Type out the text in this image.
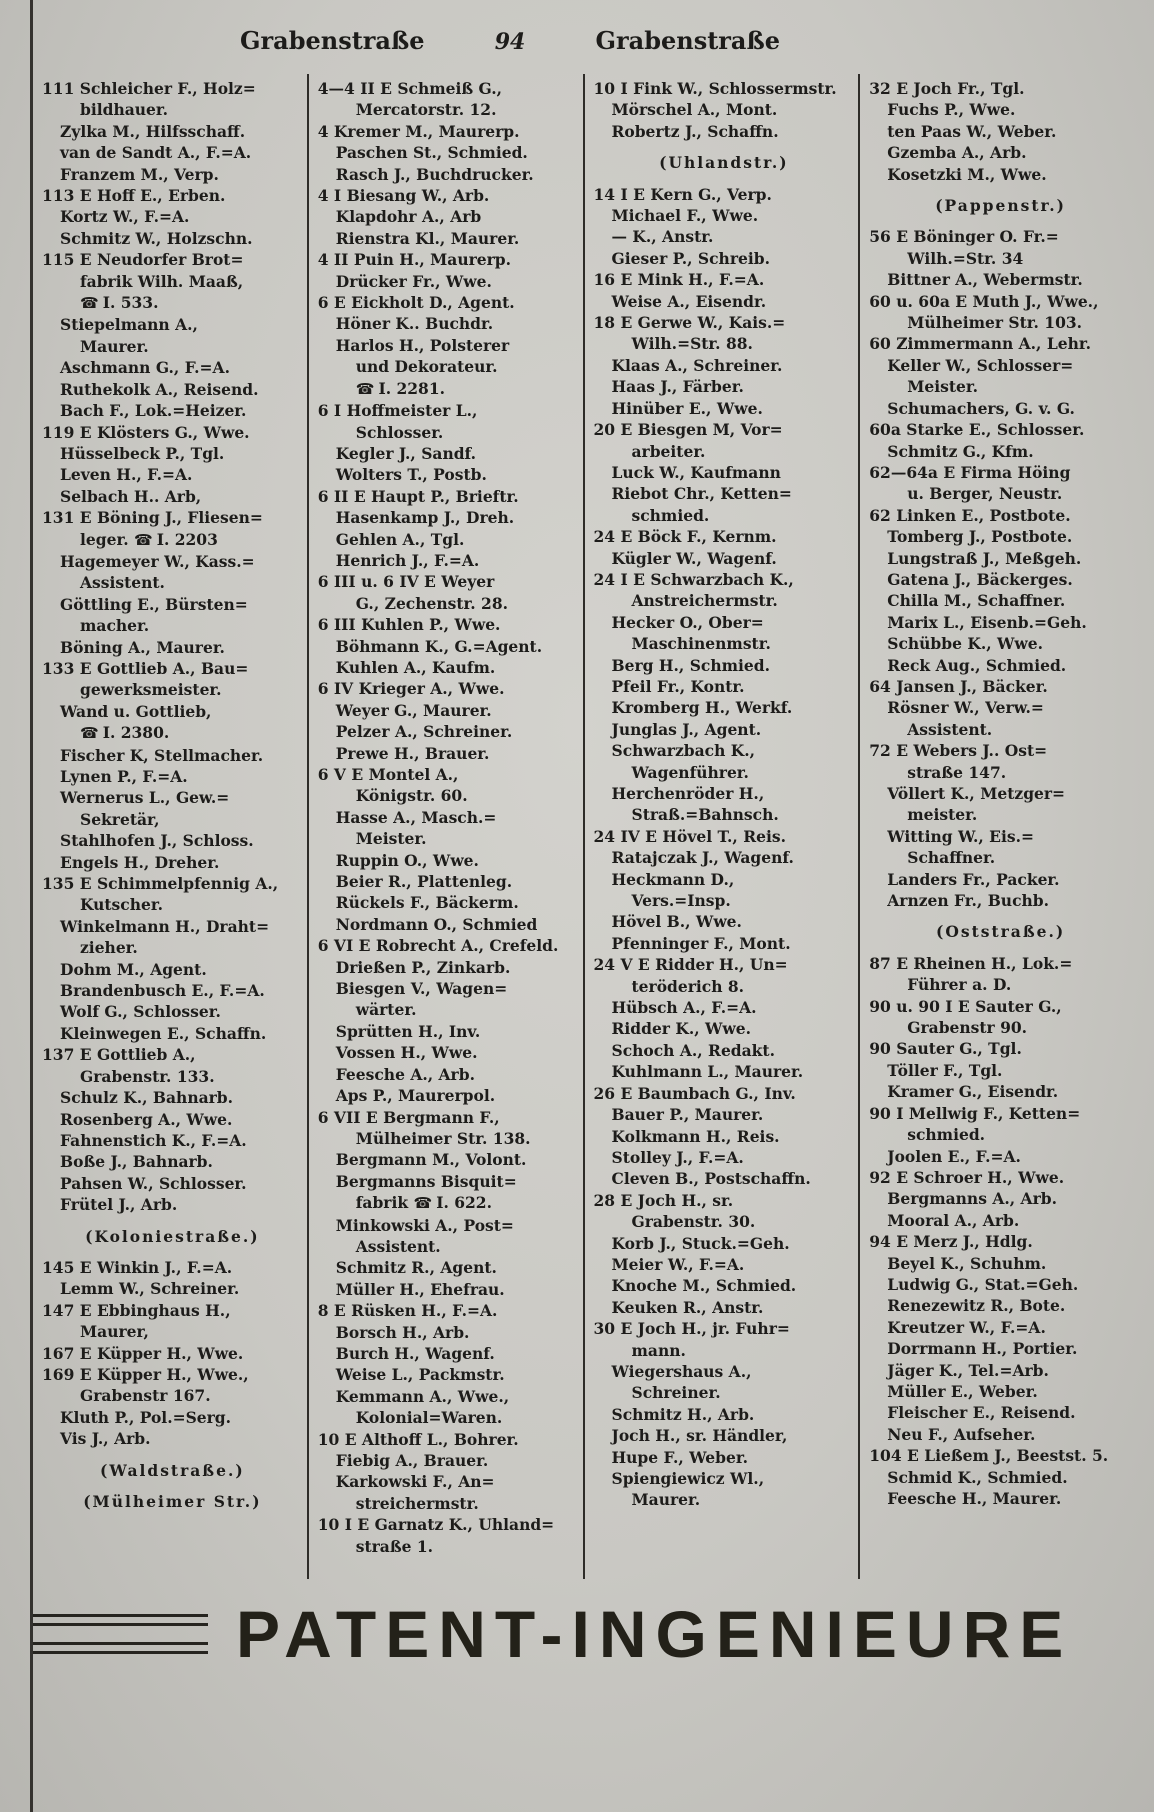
Grabenstraße	94	Grabenstraße
111 Schleicher F., Holz=
bildhauer.
Zylka M., Hilfsschaff.
van de Sandt A., F.=A.
Franzem M., Verp.
113 E Hoff E., Erben.
Kortz W., F.=A.
Schmitz W., Holzschn.
115 E Neudorfer Brot=
fabrik Wilh. Maaß,
☎ I. 533.
Stiepelmann A.,
Maurer.
Aschmann G., F.=A.
Ruthekolk A., Reisend.
Bach F., Lok.=Heizer.
119 E Klösters G., Wwe.
Hüsselbeck P., Tgl.
Leven H., F.=A.
Selbach H.. Arb,
131 E Böning J., Fliesen=
leger. ☎ I. 2203
Hagemeyer W., Kass.=
Assistent.
Göttling E., Bürsten=
macher.
Böning A., Maurer.
133 E Gottlieb A., Bau=
gewerksmeister.
Wand u. Gottlieb,
☎ I. 2380.
Fischer K, Stellmacher.
Lynen P., F.=A.
Wernerus L., Gew.=
Sekretär,
Stahlhofen J., Schloss.
Engels H., Dreher.
135 E Schimmelpfennig A.,
Kutscher.
Winkelmann H., Draht=
zieher.
Dohm M., Agent.
Brandenbusch E., F.=A.
Wolf G., Schlosser.
Kleinwegen E., Schaffn.
137 E Gottlieb A.,
Grabenstr. 133.
Schulz K., Bahnarb.
Rosenberg A., Wwe.
Fahnenstich K., F.=A.
Boße J., Bahnarb.
Pahsen W., Schlosser.
Frütel J., Arb.
(Koloniestraße.)
145 E Winkin J., F.=A.
Lemm W., Schreiner.
147 E Ebbinghaus H.,
Maurer,
167 E Küpper H., Wwe.
169 E Küpper H., Wwe.,
Grabenstr 167.
Kluth P., Pol.=Serg.
Vis J., Arb.
(Waldstraße.)
(Mülheimer Str.)
4—4 II E Schmeiß G.,
Mercatorstr. 12.
4 Kremer M., Maurerp.
Paschen St., Schmied.
Rasch J., Buchdrucker.
4 I Biesang W., Arb.
Klapdohr A., Arb
Rienstra Kl., Maurer.
4 II Puin H., Maurerp.
Drücker Fr., Wwe.
6 E Eickholt D., Agent.
Höner K.. Buchdr.
Harlos H., Polsterer
und Dekorateur.
☎ I. 2281.
6 I Hoffmeister L.,
Schlosser.
Kegler J., Sandf.
Wolters T., Postb.
6 II E Haupt P., Brieftr.
Hasenkamp J., Dreh.
Gehlen A., Tgl.
Henrich J., F.=A.
6 III u. 6 IV E Weyer
G., Zechenstr. 28.
6 III Kuhlen P., Wwe.
Böhmann K., G.=Agent.
Kuhlen A., Kaufm.
6 IV Krieger A., Wwe.
Weyer G., Maurer.
Pelzer A., Schreiner.
Prewe H., Brauer.
6 V E Montel A.,
Königstr. 60.
Hasse A., Masch.=
Meister.
Ruppin O., Wwe.
Beier R., Plattenleg.
Rückels F., Bäckerm.
Nordmann O., Schmied
6 VI E Robrecht A., Crefeld.
Drießen P., Zinkarb.
Biesgen V., Wagen=
wärter.
Sprütten H., Inv.
Vossen H., Wwe.
Feesche A., Arb.
Aps P., Maurerpol.
6 VII E Bergmann F.,
Mülheimer Str. 138.
Bergmann M., Volont.
Bergmanns Bisquit=
fabrik ☎ I. 622.
Minkowski A., Post=
Assistent.
Schmitz R., Agent.
Müller H., Ehefrau.
8 E Rüsken H., F.=A.
Borsch H., Arb.
Burch H., Wagenf.
Weise L., Packmstr.
Kemmann A., Wwe.,
Kolonial=Waren.
10 E Althoff L., Bohrer.
Fiebig A., Brauer.
Karkowski F., An=
streichermstr.
10 I E Garnatz K., Uhland=
straße 1.
10 I Fink W., Schlossermstr.
Mörschel A., Mont.
Robertz J., Schaffn.
(Uhlandstr.)
14 I E Kern G., Verp.
Michael F., Wwe.
— K., Anstr.
Gieser P., Schreib.
16 E Mink H., F.=A.
Weise A., Eisendr.
18 E Gerwe W., Kais.=
Wilh.=Str. 88.
Klaas A., Schreiner.
Haas J., Färber.
Hinüber E., Wwe.
20 E Biesgen M, Vor=
arbeiter.
Luck W., Kaufmann
Riebot Chr., Ketten=
schmied.
24 E Böck F., Kernm.
Kügler W., Wagenf.
24 I E Schwarzbach K.,
Anstreichermstr.
Hecker O., Ober=
Maschinenmstr.
Berg H., Schmied.
Pfeil Fr., Kontr.
Kromberg H., Werkf.
Junglas J., Agent.
Schwarzbach K.,
Wagenführer.
Herchenröder H.,
Straß.=Bahnsch.
24 IV E Hövel T., Reis.
Ratajczak J., Wagenf.
Heckmann D.,
Vers.=Insp.
Hövel B., Wwe.
Pfenninger F., Mont.
24 V E Ridder H., Un=
teröderich 8.
Hübsch A., F.=A.
Ridder K., Wwe.
Schoch A., Redakt.
Kuhlmann L., Maurer.
26 E Baumbach G., Inv.
Bauer P., Maurer.
Kolkmann H., Reis.
Stolley J., F.=A.
Cleven B., Postschaffn.
28 E Joch H., sr.
Grabenstr. 30.
Korb J., Stuck.=Geh.
Meier W., F.=A.
Knoche M., Schmied.
Keuken R., Anstr.
30 E Joch H., jr. Fuhr=
mann.
Wiegershaus A.,
Schreiner.
Schmitz H., Arb.
Joch H., sr. Händler,
Hupe F., Weber.
Spiengiewicz Wl.,
Maurer.
32 E Joch Fr., Tgl.
Fuchs P., Wwe.
ten Paas W., Weber.
Gzemba A., Arb.
Kosetzki M., Wwe.
(Pappenstr.)
56 E Böninger O. Fr.=
Wilh.=Str. 34
Bittner A., Webermstr.
60 u. 60a E Muth J., Wwe.,
Mülheimer Str. 103.
60 Zimmermann A., Lehr.
Keller W., Schlosser=
Meister.
Schumachers, G. v. G.
60a Starke E., Schlosser.
Schmitz G., Kfm.
62—64a E Firma Höing
u. Berger, Neustr.
62 Linken E., Postbote.
Tomberg J., Postbote.
Lungstraß J., Meßgeh.
Gatena J., Bäckerges.
Chilla M., Schaffner.
Marix L., Eisenb.=Geh.
Schübbe K., Wwe.
Reck Aug., Schmied.
64 Jansen J., Bäcker.
Rösner W., Verw.=
Assistent.
72 E Webers J.. Ost=
straße 147.
Völlert K., Metzger=
meister.
Witting W., Eis.=
Schaffner.
Landers Fr., Packer.
Arnzen Fr., Buchb.
(Oststraße.)
87 E Rheinen H., Lok.=
Führer a. D.
90 u. 90 I E Sauter G.,
Grabenstr 90.
90 Sauter G., Tgl.
Töller F., Tgl.
Kramer G., Eisendr.
90 I Mellwig F., Ketten=
schmied.
Joolen E., F.=A.
92 E Schroer H., Wwe.
Bergmanns A., Arb.
Mooral A., Arb.
94 E Merz J., Hdlg.
Beyel K., Schuhm.
Ludwig G., Stat.=Geh.
Renezewitz R., Bote.
Kreutzer W., F.=A.
Dorrmann H., Portier.
Jäger K., Tel.=Arb.
Müller E., Weber.
Fleischer E., Reisend.
Neu F., Aufseher.
104 E Ließem J., Beestst. 5.
Schmid K., Schmied.
Feesche H., Maurer.
PATENT-INGENIEURE
